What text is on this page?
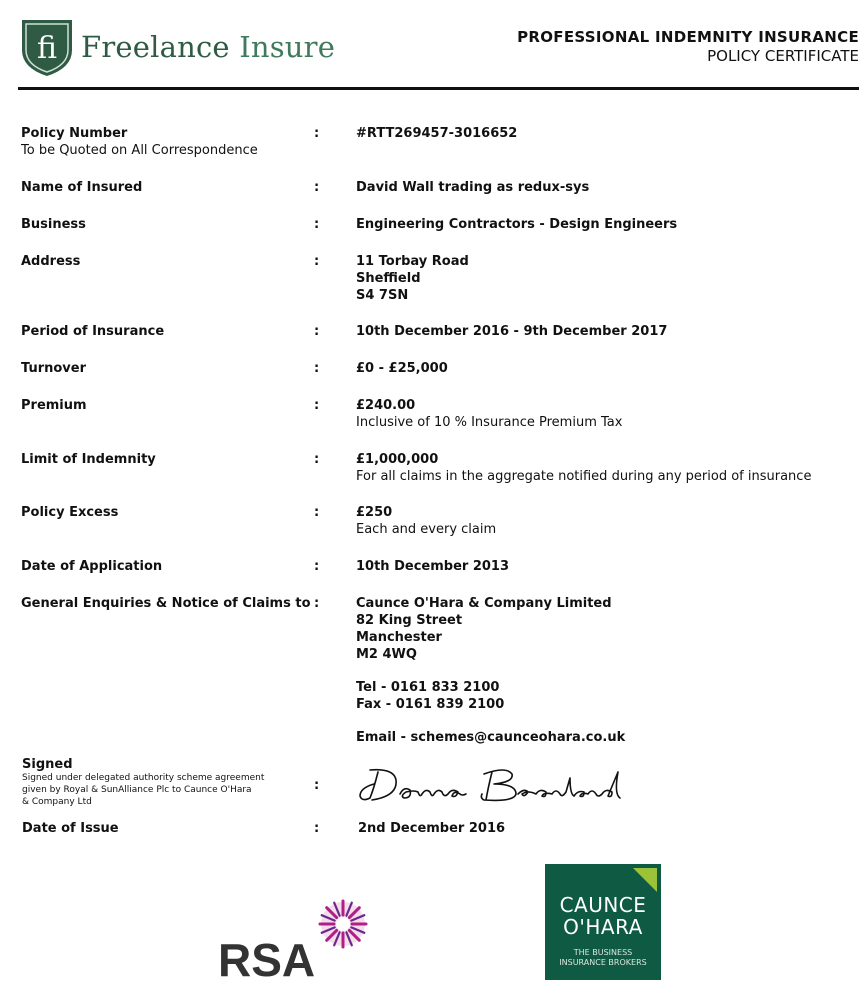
fi Freelance Insure	PROFESSIONAL INDEMNITY INSURANCE
POLICY CERTIFICATE
Policy Number
To be Quoted on All Correspondence
:	#RTT269457-3016652
Name of Insured	:	David Wall trading as redux-sys
Business	:	Engineering Contractors - Design Engineers
Address	:	11 Torbay Road
Sheffield
S4 7SN
Period of Insurance	:	10th December 2016 - 9th December 2017
Turnover	:	£0 - £25,000
Premium	:	£240.00
Inclusive of 10 % Insurance Premium Tax
Limit of Indemnity	:	£1,000,000
For all claims in the aggregate notified during any period of insurance
Policy Excess	:	£250
Each and every claim
Date of Application	:	10th December 2013
General Enquiries & Notice of Claims to :	Caunce O'Hara & Company Limited
82 King Street
Manchester
M2 4WQ
Tel - 0161 833 2100
Fax - 0161 839 2100
Email - schemes@caunceohara.co.uk
Signed
Signed under delegated authority scheme agreement
given by Royal & SunAlliance Plc to Caunce O'Hara
& Company Ltd
:
Date of Issue	:	2nd December 2016
RSA
CAUNCE
O'HARA
THE BUSINESS
INSURANCE BROKERS
